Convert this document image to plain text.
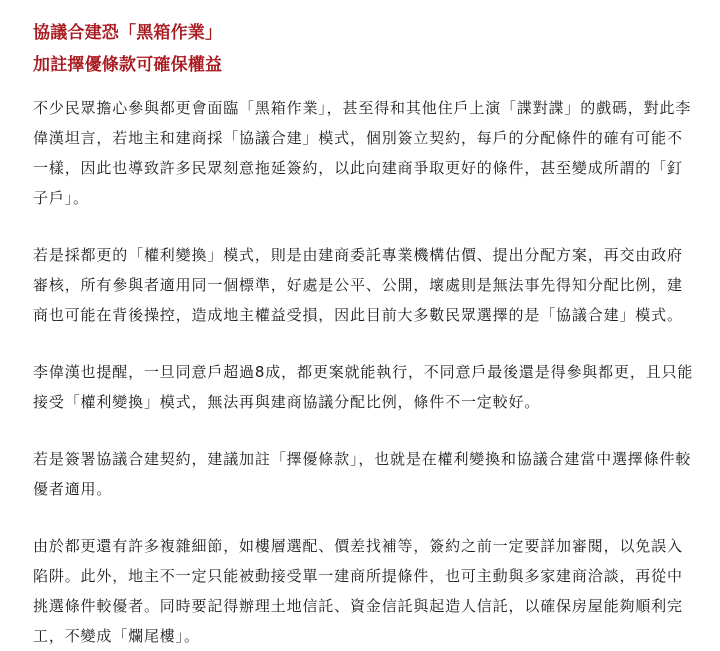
協議合建恐「黑箱作業」
加註擇優條款可確保權益

不少民眾擔心參與都更會面臨「黑箱作業」，甚至得和其他住戶上演「諜對諜」的戲碼，對此李偉漢坦言，若地主和建商採「協議合建」模式，個別簽立契約，每戶的分配條件的確有可能不一樣，因此也導致許多民眾刻意拖延簽約，以此向建商爭取更好的條件，甚至變成所謂的「釘子戶」。

若是採都更的「權利變換」模式，則是由建商委託專業機構估價、提出分配方案，再交由政府審核，所有參與者適用同一個標準，好處是公平、公開，壞處則是無法事先得知分配比例，建商也可能在背後操控，造成地主權益受損，因此目前大多數民眾選擇的是「協議合建」模式。

李偉漢也提醒，一旦同意戶超過8成，都更案就能執行，不同意戶最後還是得參與都更，且只能接受「權利變換」模式，無法再與建商協議分配比例，條件不一定較好。

若是簽署協議合建契約，建議加註「擇優條款」，也就是在權利變換和協議合建當中選擇條件較優者適用。

由於都更還有許多複雜細節，如樓層選配、價差找補等，簽約之前一定要詳加審閱，以免誤入陷阱。此外，地主不一定只能被動接受單一建商所提條件，也可主動與多家建商洽談，再從中挑選條件較優者。同時要記得辦理土地信託、資金信託與起造人信託，以確保房屋能夠順利完工，不變成「爛尾樓」。
